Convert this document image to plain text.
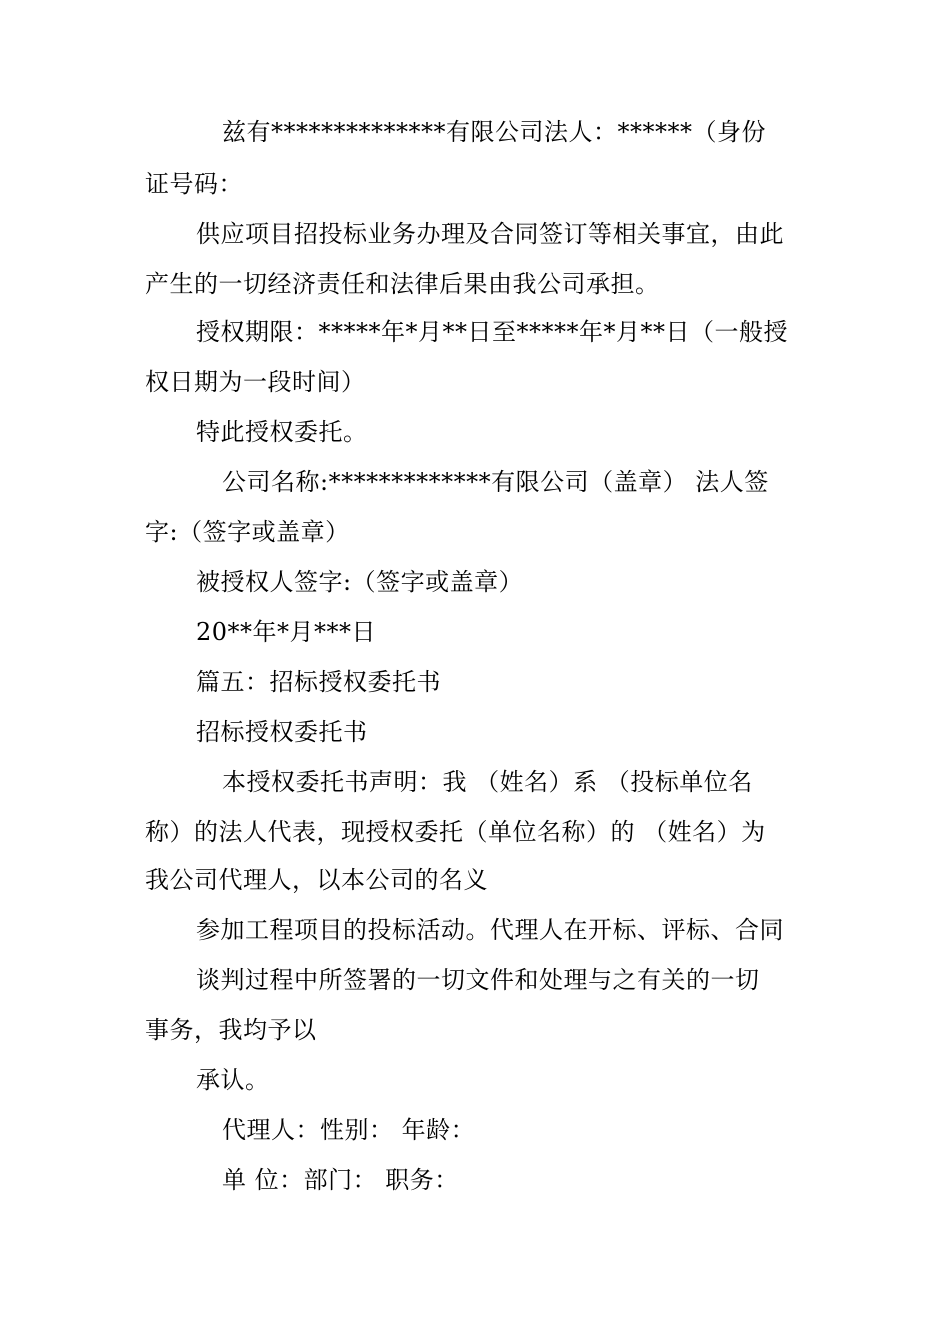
兹有**************有限公司法人：******（身份
证号码：
供应项目招投标业务办理及合同签订等相关事宜，由此
产生的一切经济责任和法律后果由我公司承担。
授权期限：*****年*月**日至*****年*月**日（一般授
权日期为一段时间）
特此授权委托。
公司名称:*************有限公司（盖章） 法人签
字:（签字或盖章）
被授权人签字:（签字或盖章）
20**年*月***日
篇五：招标授权委托书
招标授权委托书
本授权委托书声明：我 （姓名）系 （投标单位名
称）的法人代表，现授权委托（单位名称）的 （姓名）为
我公司代理人，以本公司的名义
参加工程项目的投标活动。代理人在开标、评标、合同
谈判过程中所签署的一切文件和处理与之有关的一切
事务，我均予以
承认。
代理人：性别： 年龄：
单 位：部门： 职务：
